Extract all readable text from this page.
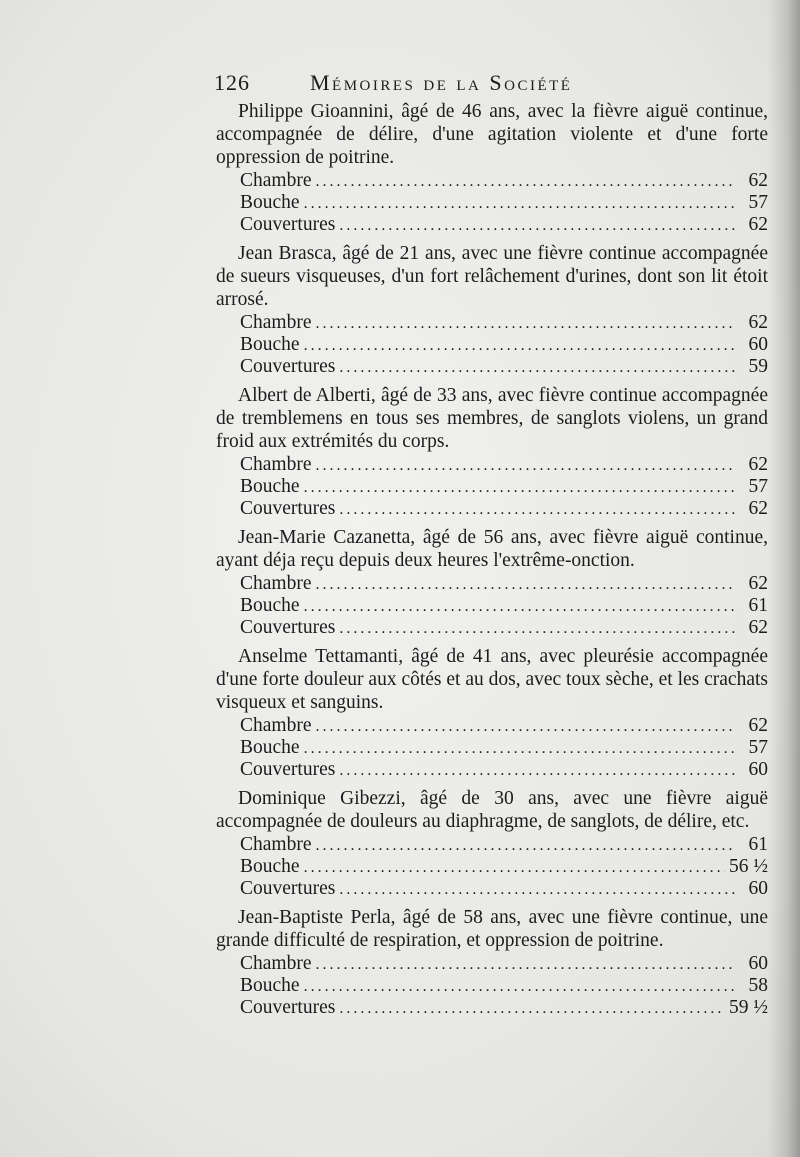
126	Mémoires de la Société
Philippe Gioannini, âgé de 46 ans, avec la fièvre aiguë continue, accompagnée de délire, d'une agitation violente et d'une forte oppression de poitrine.
Chambre .....	62
Bouche .....	57
Couvertures .....	62
Jean Brasca, âgé de 21 ans, avec une fièvre continue accompagnée de sueurs visqueuses, d'un fort relâchement d'urines, dont son lit étoit arrosé.
Chambre .....	62
Bouche .....	60
Couvertures .....	59
Albert de Alberti, âgé de 33 ans, avec fièvre continue accompagnée de tremblemens en tous ses membres, de sanglots violens, un grand froid aux extrémités du corps.
Chambre .....	62
Bouche .....	57
Couvertures .....	62
Jean-Marie Cazanetta, âgé de 56 ans, avec fièvre aiguë continue, ayant déja reçu depuis deux heures l'extrême-onction.
Chambre .....	62
Bouche .....	61
Couvertures .....	62
Anselme Tettamanti, âgé de 41 ans, avec pleurésie accompagnée d'une forte douleur aux côtés et au dos, avec toux sèche, et les crachats visqueux et sanguins.
Chambre .....	62
Bouche .....	57
Couvertures .....	60
Dominique Gibezzi, âgé de 30 ans, avec une fièvre aiguë accompagnée de douleurs au diaphragme, de sanglots, de délire, etc.
Chambre .....	61
Bouche .....	56 ½
Couvertures .....	60
Jean-Baptiste Perla, âgé de 58 ans, avec une fièvre continue, une grande difficulté de respiration, et oppression de poitrine.
Chambre .....	60
Bouche .....	58
Couvertures .....	59 ½
